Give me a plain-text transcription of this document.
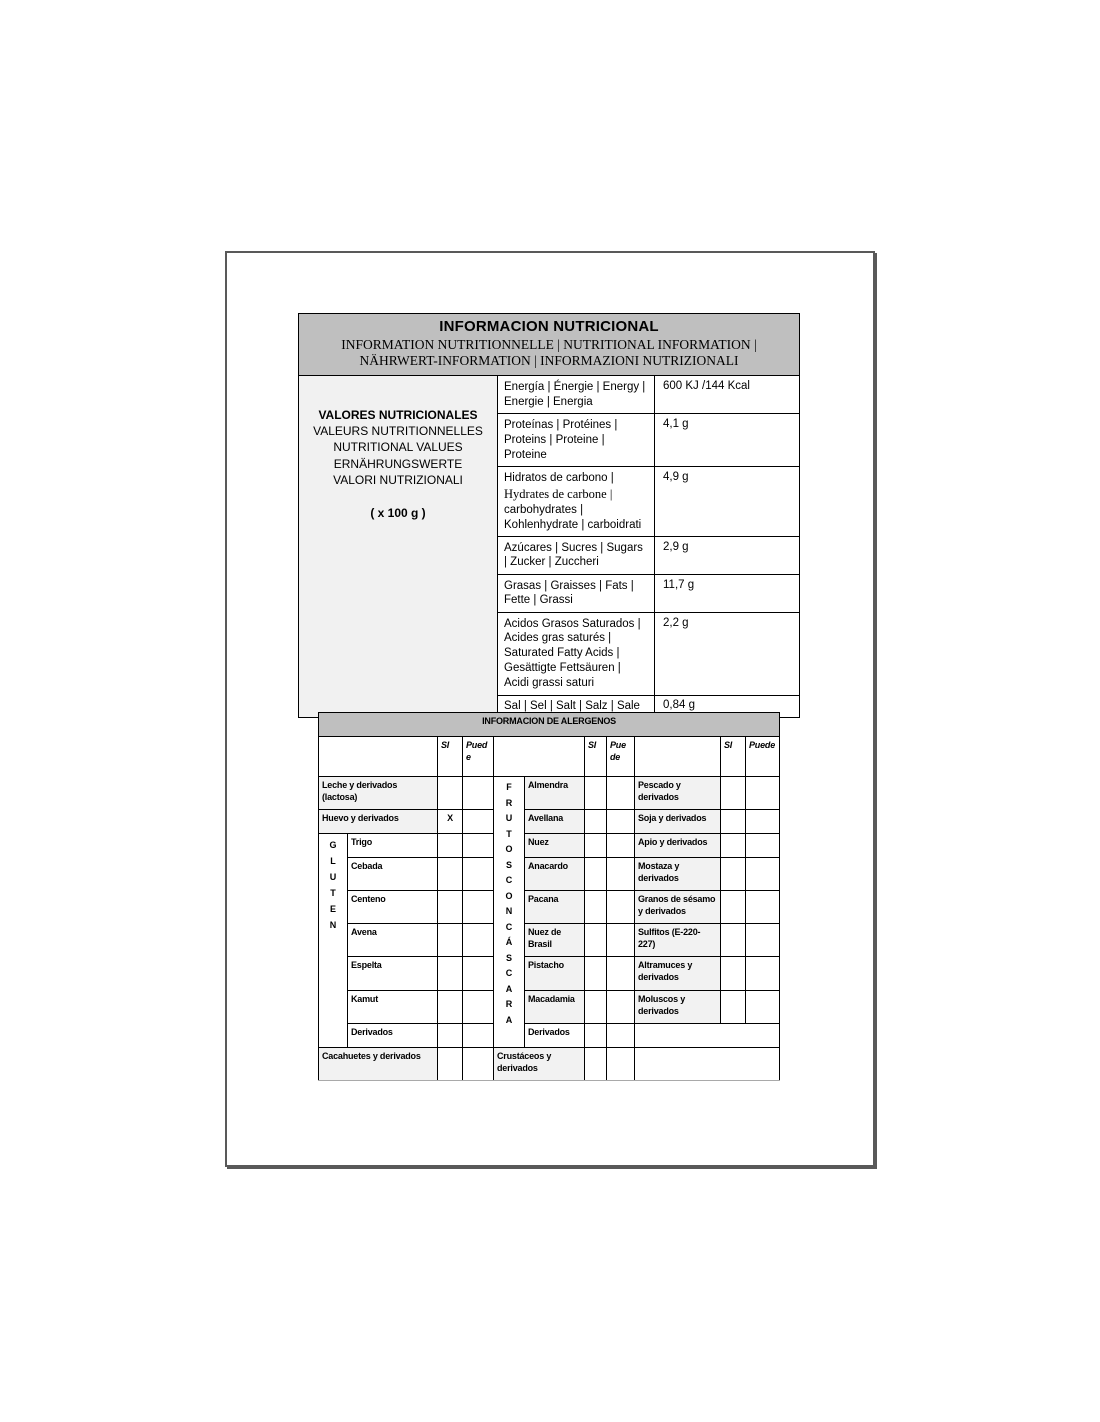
INFORMACION NUTRICIONAL
INFORMATION NUTRITIONNELLE | NUTRITIONAL INFORMATION | NÄHRWERT-INFORMATION | INFORMAZIONI NUTRIZIONALI		

VALORES NUTRICIONALES
VALEURS NUTRITIONNELLES
NUTRITIONAL VALUES
ERNÄHRUNGSWERTE
VALORI NUTRIZIONALI
( x 100 g )
	Energía | Énergie | Energy | Energie | Energia	600 KJ /144 Kcal
	Proteínas | Protéines | Proteins | Proteine | Proteine	4,1 g
	Hidratos de carbono | Hydrates de carbone | carbohydrates | Kohlenhydrate | carboidrati	4,9 g
	Azúcares | Sucres | Sugars | Zucker | Zuccheri	2,9 g
	Grasas | Graisses | Fats | Fette | Grassi	11,7 g
	Acidos Grasos Saturados | Acides gras saturés | Saturated Fatty Acids | Gesättigte Fettsäuren | Acidi grassi saturi	2,2 g
	Sal | Sel | Salt | Salz | Sale	0,84 g
INFORMACION DE ALERGENOS										
		SI	Puede			SI	Puede		SI	Puede
Leche y derivados (lactosa)				FRUTOS CON CÁSCARA	Almendra			Pescado y derivados		
Huevo y derivados		X			Avellana			Soja y derivados		

GLUTEN	Trigo				Nuez			Apio y derivados		
	Cebada				Anacardo			Mostaza y derivados		
	Centeno				Pacana			Granos de sésamo y derivados		
	Avena				Nuez de Brasil			Sulfitos (E-220-227)		
	Espelta				Pistacho			Altramuces y derivados		
	Kamut				Macadamia			Moluscos y derivados		
	Derivados				Derivados					
Cacahuetes y derivados				Crustáceos y derivados						
